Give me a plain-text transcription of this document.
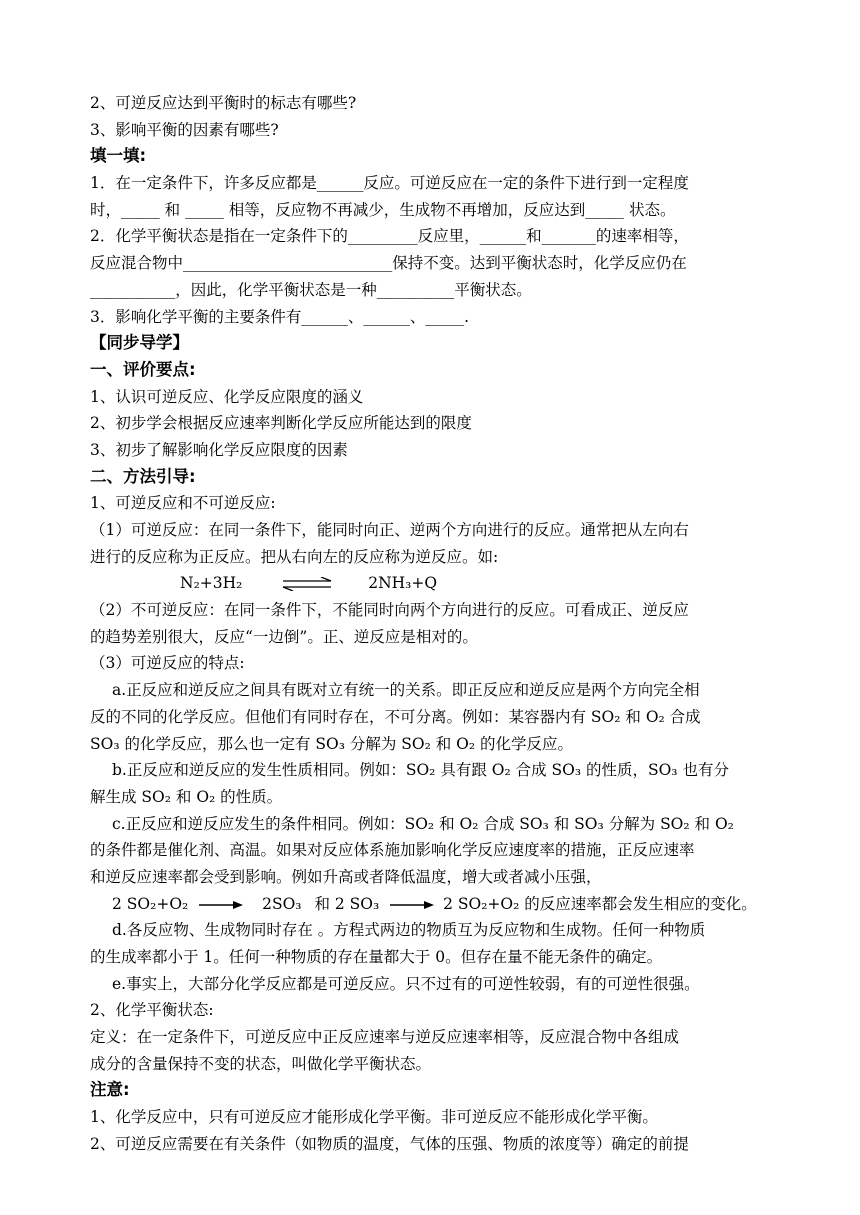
2、可逆反应达到平衡时的标志有哪些?
3、影响平衡的因素有哪些?
填一填:
1．在一定条件下，许多反应都是______反应。可逆反应在一定的条件下进行到一定程度
时，_____ 和 _____ 相等，反应物不再减少，生成物不再增加，反应达到_____ 状态。
2．化学平衡状态是指在一定条件下的_________反应里，______和_______的速率相等，
反应混合物中___________________________保持不变。达到平衡状态时，化学反应仍在
___________，因此，化学平衡状态是一种__________平衡状态。
3．影响化学平衡的主要条件有______、______、_____.
【同步导学】
一、评价要点:
1、认识可逆反应、化学反应限度的涵义
2、初步学会根据反应速率判断化学反应所能达到的限度
3、初步了解影响化学反应限度的因素
二、方法引导:
1、可逆反应和不可逆反应:
（1）可逆反应：在同一条件下，能同时向正、逆两个方向进行的反应。通常把从左向右
进行的反应称为正反应。把从右向左的反应称为逆反应。如:
N₂+3H₂	2NH₃+Q
（2）不可逆反应：在同一条件下，不能同时向两个方向进行的反应。可看成正、逆反应
的趋势差别很大，反应“一边倒”。正、逆反应是相对的。
（3）可逆反应的特点:
a.正反应和逆反应之间具有既对立有统一的关系。即正反应和逆反应是两个方向完全相
反的不同的化学反应。但他们有同时存在，不可分离。例如：某容器内有 SO₂ 和 O₂ 合成
SO₃ 的化学反应，那么也一定有 SO₃ 分解为 SO₂ 和 O₂ 的化学反应。
b.正反应和逆反应的发生性质相同。例如：SO₂ 具有跟 O₂ 合成 SO₃ 的性质，SO₃ 也有分
解生成 SO₂ 和 O₂ 的性质。
c.正反应和逆反应发生的条件相同。例如：SO₂ 和 O₂ 合成 SO₃ 和 SO₃ 分解为 SO₂ 和 O₂
的条件都是催化剂、高温。如果对反应体系施加影响化学反应速度率的措施，正反应速率
和逆反应速率都会受到影响。例如升高或者降低温度，增大或者减小压强，
2 SO₂+O₂	2SO₃ 和 2 SO₃	2 SO₂+O₂ 的反应速率都会发生相应的变化。
d.各反应物、生成物同时存在 。方程式两边的物质互为反应物和生成物。任何一种物质
的生成率都小于 1。任何一种物质的存在量都大于 0。但存在量不能无条件的确定。
e.事实上，大部分化学反应都是可逆反应。只不过有的可逆性较弱，有的可逆性很强。
2、化学平衡状态:
定义：在一定条件下，可逆反应中正反应速率与逆反应速率相等，反应混合物中各组成
成分的含量保持不变的状态，叫做化学平衡状态。
注意:
1、化学反应中，只有可逆反应才能形成化学平衡。非可逆反应不能形成化学平衡。
2、可逆反应需要在有关条件（如物质的温度，气体的压强、物质的浓度等）确定的前提
